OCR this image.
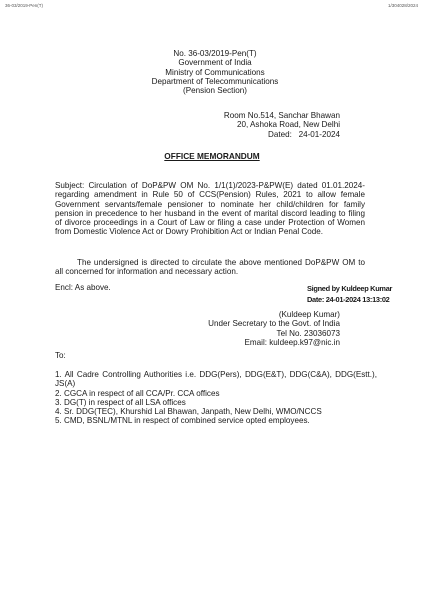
36-03/2019-Pen(T)	1/304028/2024
No. 36-03/2019-Pen(T)
Government of India
Ministry of Communications
Department of Telecommunications
(Pension Section)
Room No.514, Sanchar Bhawan
20, Ashoka Road, New Delhi
Dated:   24-01-2024
OFFICE MEMORANDUM
Subject: Circulation of DoP&PW OM No. 1/1(1)/2023-P&PW(E) dated 01.01.2024- regarding amendment in Rule 50 of CCS(Pension) Rules, 2021 to allow female Government servants/female pensioner to nominate her child/children for family pension in precedence to her husband in the event of marital discord leading to filing of divorce proceedings in a Court of Law or filing a case under Protection of Women from Domestic Violence Act or Dowry Prohibition Act or Indian Penal Code.
The undersigned is directed to circulate the above mentioned DoP&PW OM to all concerned for information and necessary action.
Encl: As above.	Signed by Kuldeep Kumar
Date: 24-01-2024 13:13:02
(Kuldeep Kumar)
Under Secretary to the Govt. of India
Tel No. 23036073
Email: kuldeep.k97@nic.in
To:

1. All Cadre Controlling Authorities i.e. DDG(Pers), DDG(E&T), DDG(C&A), DDG(Estt.), JS(A)

2. CGCA in respect of all CCA/Pr. CCA offices

3. DG(T) in respect of all LSA offices

4. Sr. DDG(TEC), Khurshid Lal Bhawan, Janpath, New Delhi, WMO/NCCS

5. CMD, BSNL/MTNL in respect of combined service opted employees.
